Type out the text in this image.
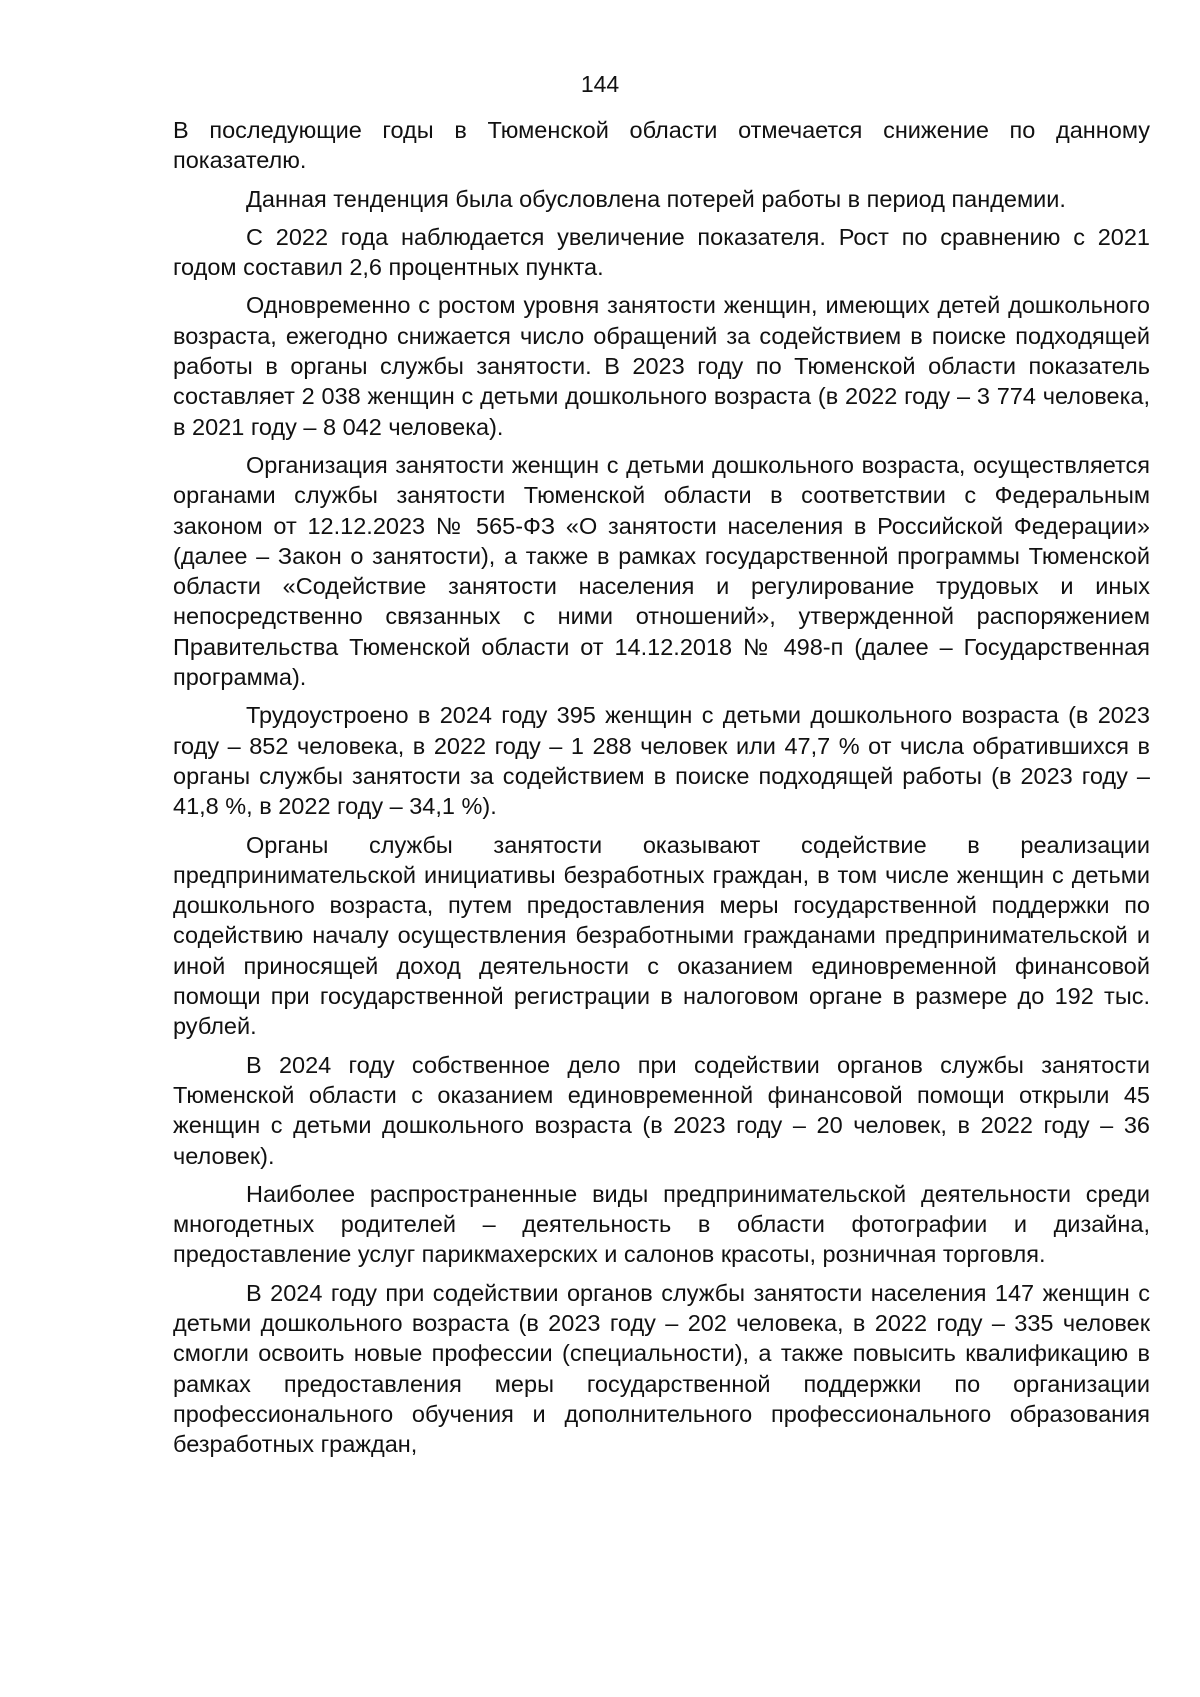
144

В последующие годы в Тюменской области отмечается снижение по данному показателю.

Данная тенденция была обусловлена потерей работы в период пандемии.

С 2022 года наблюдается увеличение показателя. Рост по сравнению с 2021 годом составил 2,6 процентных пункта.

Одновременно с ростом уровня занятости женщин, имеющих детей дошкольного возраста, ежегодно снижается число обращений за содействием в поиске подходящей работы в органы службы занятости. В 2023 году по Тюменской области показатель составляет 2 038 женщин с детьми дошкольного возраста (в 2022 году – 3 774 человека, в 2021 году – 8 042 человека).

Организация занятости женщин с детьми дошкольного возраста, осуществляется органами службы занятости Тюменской области в соответствии с Федеральным законом от 12.12.2023 № 565-ФЗ «О занятости населения в Российской Федерации» (далее – Закон о занятости), а также в рамках государственной программы Тюменской области «Содействие занятости населения и регулирование трудовых и иных непосредственно связанных с ними отношений», утвержденной распоряжением Правительства Тюменской области от 14.12.2018 № 498-п (далее – Государственная программа).

Трудоустроено в 2024 году 395 женщин с детьми дошкольного возраста (в 2023 году – 852 человека, в 2022 году – 1 288 человек или 47,7 % от числа обратившихся в органы службы занятости за содействием в поиске подходящей работы (в 2023 году – 41,8 %, в 2022 году – 34,1 %).

Органы службы занятости оказывают содействие в реализации предпринимательской инициативы безработных граждан, в том числе женщин с детьми дошкольного возраста, путем предоставления меры государственной поддержки по содействию началу осуществления безработными гражданами предпринимательской и иной приносящей доход деятельности с оказанием единовременной финансовой помощи при государственной регистрации в налоговом органе в размере до 192 тыс. рублей.

В 2024 году собственное дело при содействии органов службы занятости Тюменской области с оказанием единовременной финансовой помощи открыли 45 женщин с детьми дошкольного возраста (в 2023 году – 20 человек, в 2022 году – 36 человек).

Наиболее распространенные виды предпринимательской деятельности среди многодетных родителей – деятельность в области фотографии и дизайна, предоставление услуг парикмахерских и салонов красоты, розничная торговля.

В 2024 году при содействии органов службы занятости населения 147 женщин с детьми дошкольного возраста (в 2023 году – 202 человека, в 2022 году – 335 человек смогли освоить новые профессии (специальности), а также повысить квалификацию в рамках предоставления меры государственной поддержки по организации профессионального обучения и дополнительного профессионального образования безработных граждан,
